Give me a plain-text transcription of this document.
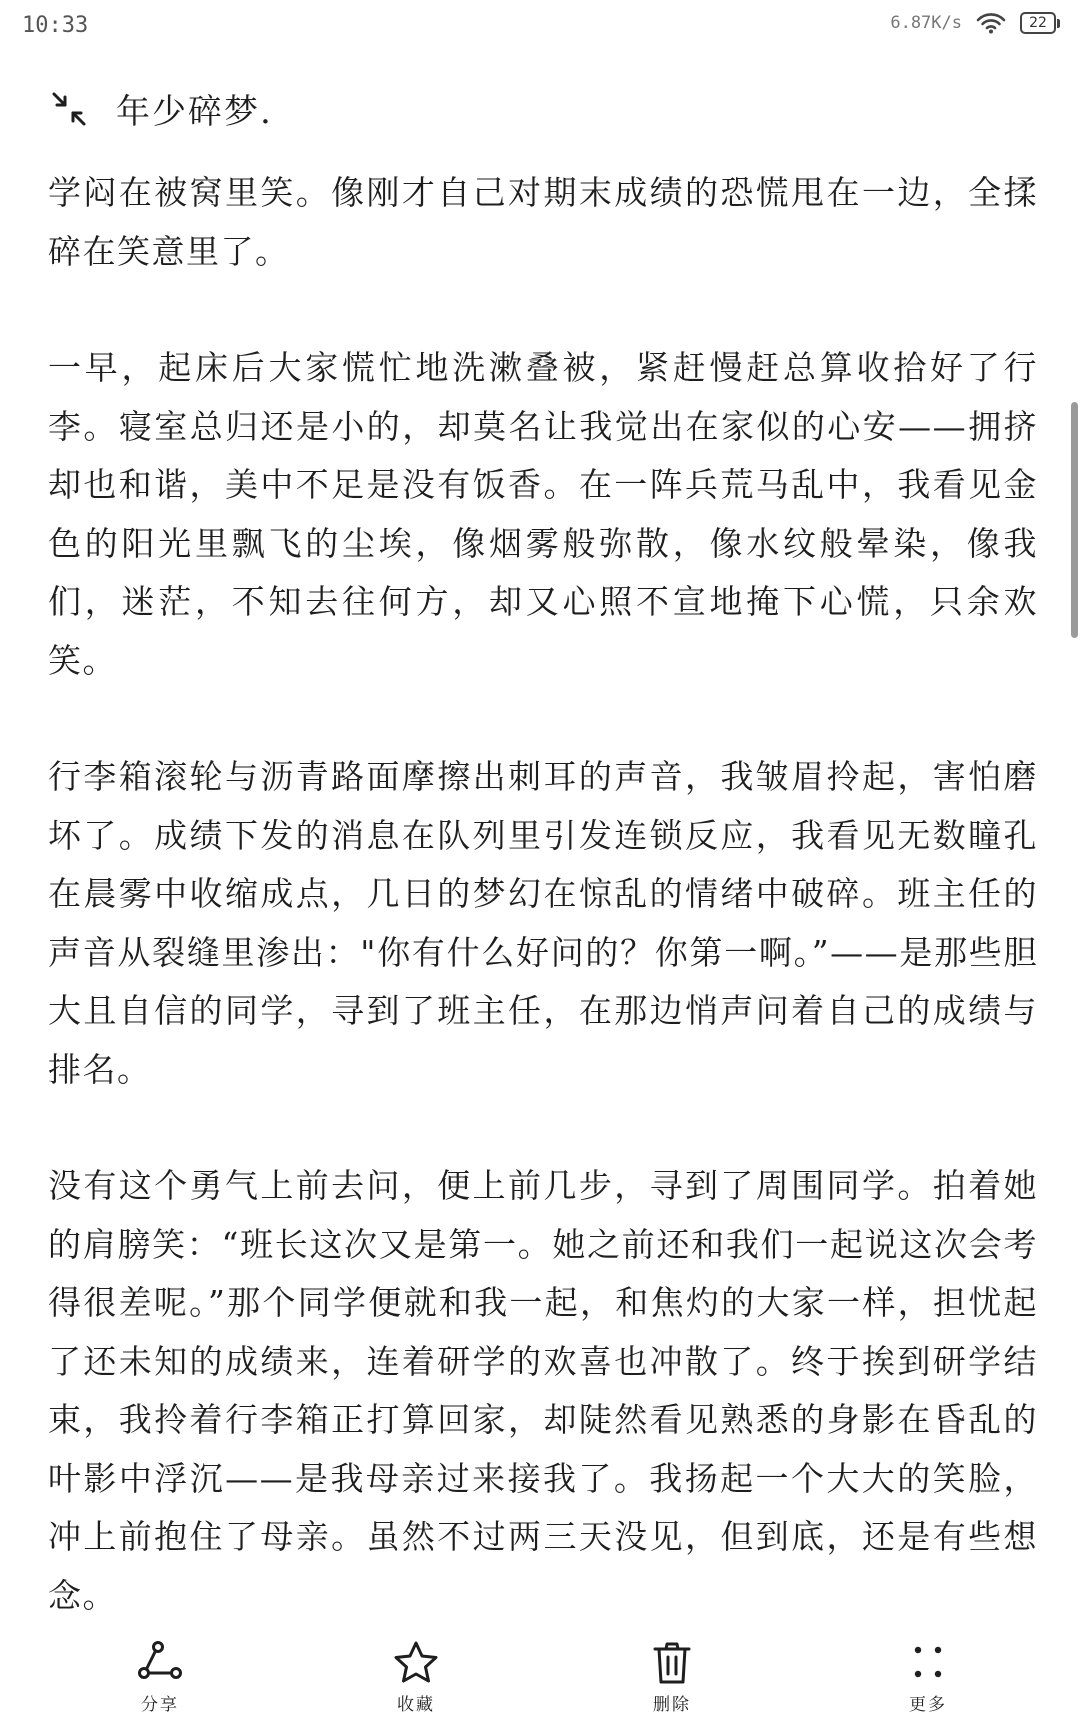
10:33	6.87K/s	22
年少碎梦.

学闷在被窝里笑。像刚才自己对期末成绩的恐慌甩在一边，全揉碎在笑意里了。

一早，起床后大家慌忙地洗漱叠被，紧赶慢赶总算收拾好了行李。寝室总归还是小的，却莫名让我觉出在家似的心安——拥挤却也和谐，美中不足是没有饭香。在一阵兵荒马乱中，我看见金色的阳光里飘飞的尘埃，像烟雾般弥散，像水纹般晕染，像我们，迷茫，不知去往何方，却又心照不宣地掩下心慌，只余欢笑。

行李箱滚轮与沥青路面摩擦出刺耳的声音，我皱眉拎起，害怕磨坏了。成绩下发的消息在队列里引发连锁反应，我看见无数瞳孔在晨雾中收缩成点，几日的梦幻在惊乱的情绪中破碎。班主任的声音从裂缝里渗出："你有什么好问的？你第一啊。”——是那些胆大且自信的同学，寻到了班主任，在那边悄声问着自己的成绩与排名。

没有这个勇气上前去问，便上前几步，寻到了周围同学。拍着她的肩膀笑：“班长这次又是第一。她之前还和我们一起说这次会考得很差呢。”那个同学便就和我一起，和焦灼的大家一样，担忧起了还未知的成绩来，连着研学的欢喜也冲散了。终于挨到研学结束，我拎着行李箱正打算回家，却陡然看见熟悉的身影在昏乱的叶影中浮沉——是我母亲过来接我了。我扬起一个大大的笑脸，冲上前抱住了母亲。虽然不过两三天没见，但到底，还是有些想念。

分享	收藏	删除	更多
